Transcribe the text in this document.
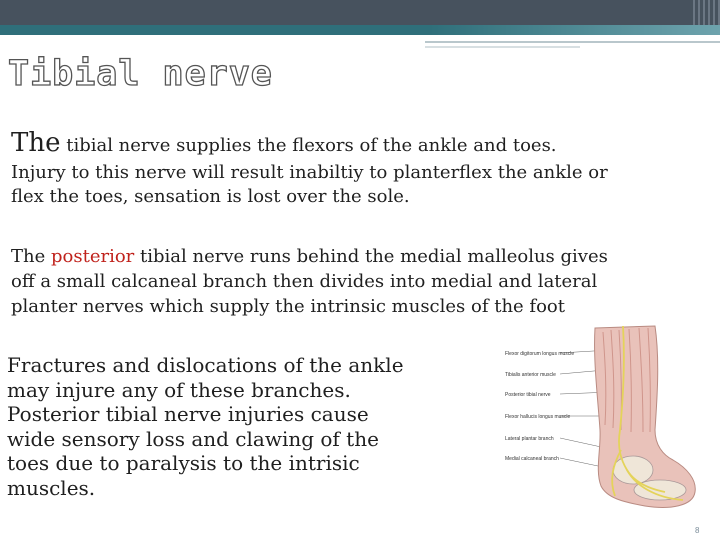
Tibial nerve

The tibial nerve supplies the flexors of the ankle and toes.

Injury to this nerve will result inabiltiy to planterflex the ankle or flex the toes, sensation is lost over the sole.

The posterior tibial nerve runs behind the medial malleolus gives off a small calcaneal branch then divides into medial and lateral planter nerves which supply the intrinsic muscles of the foot

Fractures and dislocations of the ankle may injure any of these branches. Posterior tibial nerve injuries cause wide sensory loss and clawing of the toes due to paralysis to the intrisic muscles.

Flexor digitorum longus muscle
Tibialis anterior muscle
Posterior tibial nerve
Flexor hallucis longus muscle
Lateral plantar branch
Medial calcaneal branch
8
